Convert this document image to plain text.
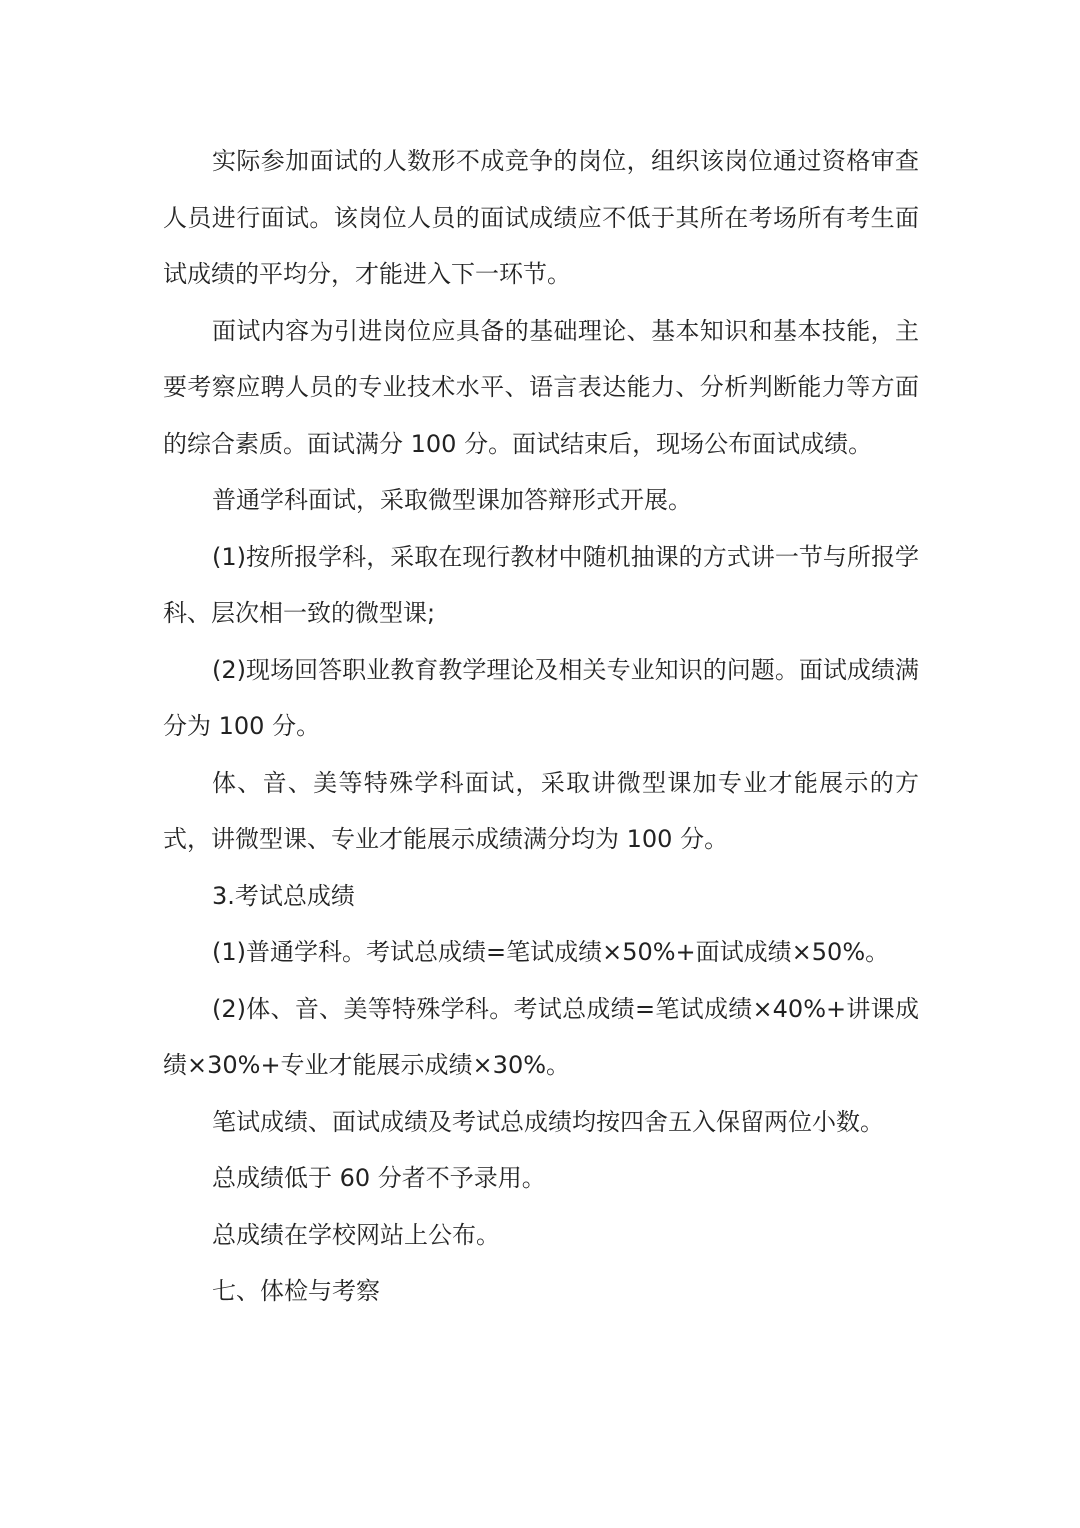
实际参加面试的人数形不成竞争的岗位，组织该岗位通过资格审查人员进行面试。该岗位人员的面试成绩应不低于其所在考场所有考生面试成绩的平均分，才能进入下一环节。

面试内容为引进岗位应具备的基础理论、基本知识和基本技能，主要考察应聘人员的专业技术水平、语言表达能力、分析判断能力等方面的综合素质。面试满分 100 分。面试结束后，现场公布面试成绩。

普通学科面试，采取微型课加答辩形式开展。

(1)按所报学科，采取在现行教材中随机抽课的方式讲一节与所报学科、层次相一致的微型课;

(2)现场回答职业教育教学理论及相关专业知识的问题。面试成绩满分为 100 分。

体、音、美等特殊学科面试，采取讲微型课加专业才能展示的方式，讲微型课、专业才能展示成绩满分均为 100 分。

3.考试总成绩

(1)普通学科。考试总成绩=笔试成绩×50%+面试成绩×50%。

(2)体、音、美等特殊学科。考试总成绩=笔试成绩×40%+讲课成绩×30%+专业才能展示成绩×30%。

笔试成绩、面试成绩及考试总成绩均按四舍五入保留两位小数。

总成绩低于 60 分者不予录用。

总成绩在学校网站上公布。

七、体检与考察
